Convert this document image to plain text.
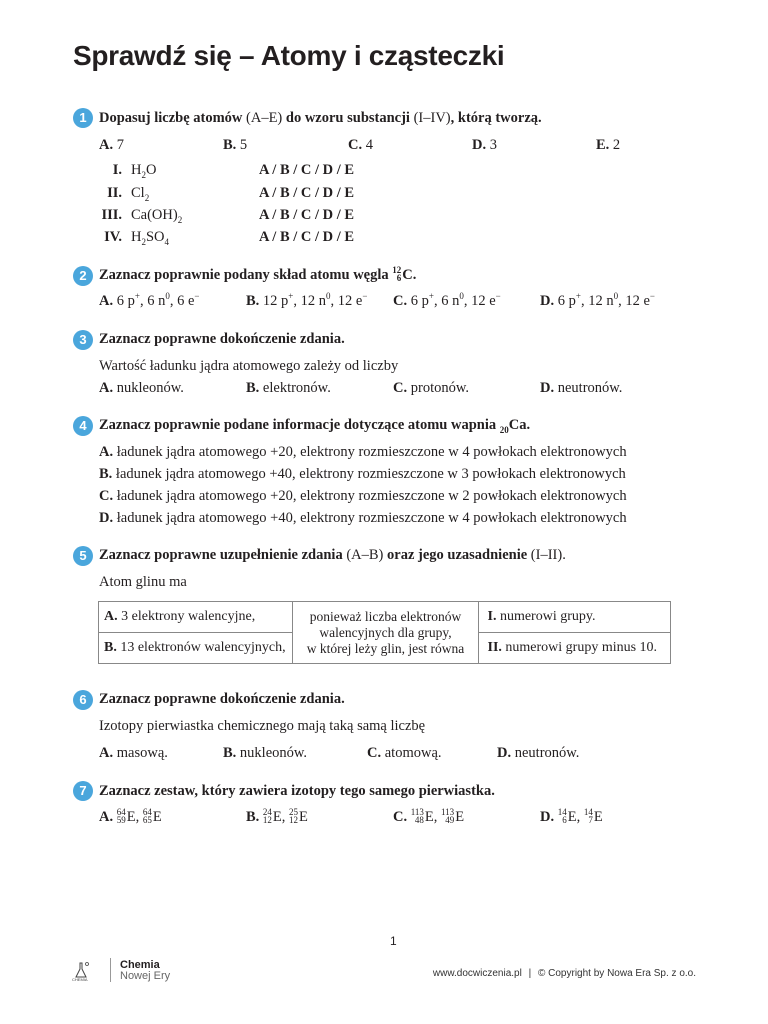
Sprawdź się – Atomy i cząsteczki
1 Dopasuj liczbę atomów (A–E) do wzoru substancji (I–IV), którą tworzą.
A. 7	B. 5	C. 4	D. 3	E. 2
I. $H_2O$	A / B / C / D / E
II. $Cl_2$	A / B / C / D / E
III. $Ca(OH)_2$	A / B / C / D / E
IV. $H_2SO_4$	A / B / C / D / E
2 Zaznacz poprawnie podany skład atomu węgla 12
6 C.
A. 6 p+, 6 $n^0$, 6 e−	B. 12 p+, 12 $n^0$, 12 e− C. 6 p+, 6 $n^0$, 12 e−	D. 6 p+, 12 $n^0$, 12 e−
3 Zaznacz poprawne dokończenie zdania.
Wartość ładunku jądra atomowego zależy od liczby
A. nukleonów.	B. elektronów.	C. protonów.	D. neutronów.
4 Zaznacz poprawnie podane informacje dotyczące atomu wapnia $_{20}$Ca.
A. ładunek jądra atomowego +20, elektrony rozmieszczone w 4 powłokach elektronowych
B. ładunek jądra atomowego +40, elektrony rozmieszczone w 3 powłokach elektronowych
C. ładunek jądra atomowego +20, elektrony rozmieszczone w 2 powłokach elektronowych
D. ładunek jądra atomowego +40, elektrony rozmieszczone w 4 powłokach elektronowych
5 Zaznacz poprawne uzupełnienie zdania (A–B) oraz jego uzasadnienie (I–II).
Atom glinu ma
A. 3 elektrony walencyjne,	ponieważ liczba elektronów
walencyjnych dla grupy,
w której leży glin, jest równa	I. numerowi grupy.
B. 13 elektronów walencyjnych,		II. numerowi grupy minus 10.
6 Zaznacz poprawne dokończenie zdania.
Izotopy pierwiastka chemicznego mają taką samą liczbę
A. masową.	B. nukleonów.	C. atomową.	D. neutronów.
7 Zaznacz zestaw, który zawiera izotopy tego samego pierwiastka.
A. 64
59 E, 64
65 E	B. 24
12 E, 25
12 E	C. 113
48 E, 113
49 E	D. 14
6 E, 14
7 E
1
CHEMIA
Chemia
Nowej Ery	www.docwiczenia.pl | © Copyright by Nowa Era Sp. z o.o.
